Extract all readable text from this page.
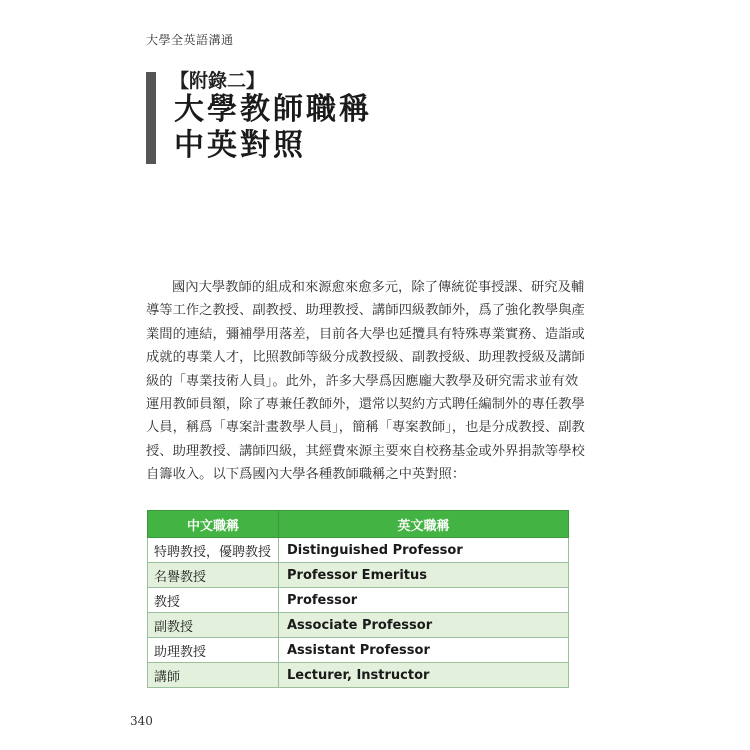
大學全英語溝通
【附錄二】
大學教師職稱
中英對照
國內大學教師的組成和來源愈來愈多元，除了傳統從事授課、研究及輔
導等工作之教授、副教授、助理教授、講師四級教師外，爲了強化教學與產
業間的連結，彌補學用落差，目前各大學也延攬具有特殊專業實務、造詣或
成就的專業人才，比照教師等級分成教授級、副教授級、助理教授級及講師
級的「專業技術人員」。此外，許多大學爲因應龐大教學及研究需求並有效
運用教師員額，除了專兼任教師外，還常以契約方式聘任編制外的專任教學
人員，稱爲「專案計畫教學人員」，簡稱「專案教師」，也是分成教授、副教
授、助理教授、講師四級，其經費來源主要來自校務基金或外界捐款等學校
自籌收入。以下爲國內大學各種教師職稱之中英對照：
中文職稱	英文職稱
特聘教授，優聘教授	Distinguished Professor
名譽教授	Professor Emeritus
教授	Professor
副教授	Associate Professor
助理教授	Assistant Professor
講師	Lecturer, Instructor
340
